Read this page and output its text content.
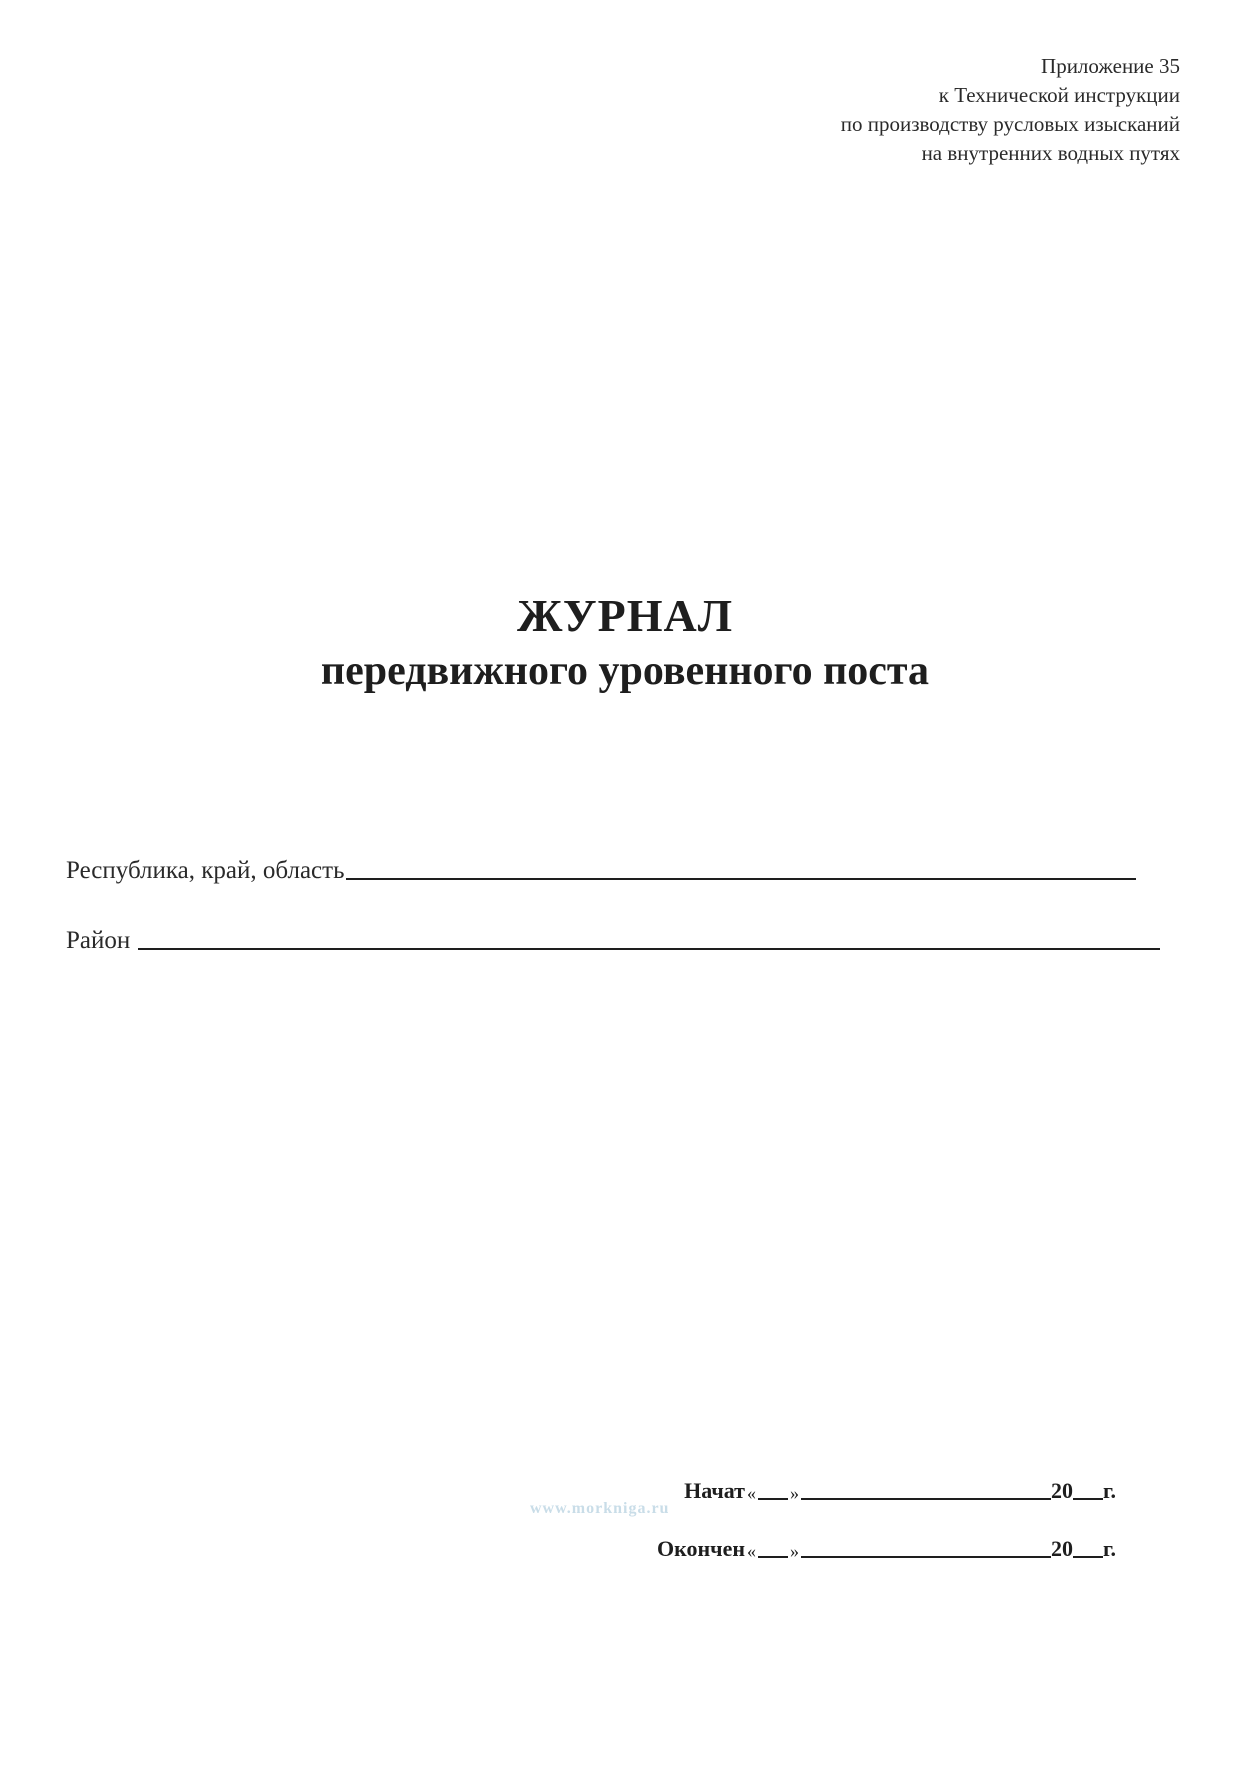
Приложение 35
к Технической инструкции
по производству русловых изысканий
на внутренних водных путях
ЖУРНАЛ
передвижного уровенного поста
Республика, край, область
Район
Начат « »	20 г.
www.morkniga.ru
Окончен « »	20 г.
